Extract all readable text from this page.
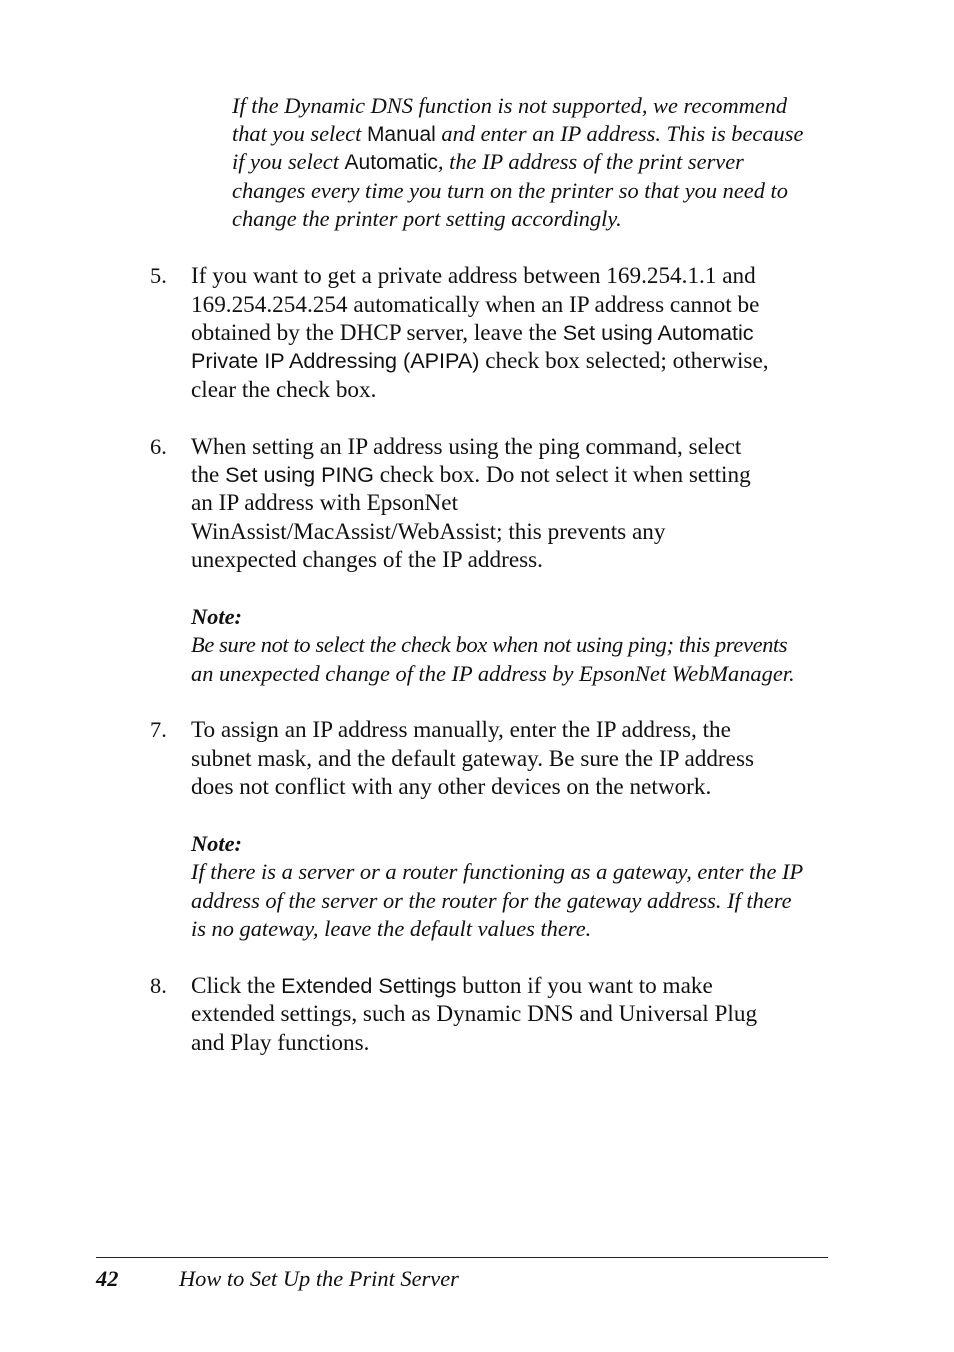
If the Dynamic DNS function is not supported, we recommend
that you select Manual and enter an IP address. This is because
if you select Automatic, the IP address of the print server
changes every time you turn on the printer so that you need to
change the printer port setting accordingly.
5. If you want to get a private address between 169.254.1.1 and
169.254.254.254 automatically when an IP address cannot be
obtained by the DHCP server, leave the Set using Automatic
Private IP Addressing (APIPA) check box selected; otherwise,
clear the check box.
6. When setting an IP address using the ping command, select
the Set using PING check box. Do not select it when setting
an IP address with EpsonNet
WinAssist/MacAssist/WebAssist; this prevents any
unexpected changes of the IP address.
Note:
Be sure not to select the check box when not using ping; this prevents
an unexpected change of the IP address by EpsonNet WebManager.
7. To assign an IP address manually, enter the IP address, the
subnet mask, and the default gateway. Be sure the IP address
does not conflict with any other devices on the network.
Note:
If there is a server or a router functioning as a gateway, enter the IP
address of the server or the router for the gateway address. If there
is no gateway, leave the default values there.
8. Click the Extended Settings button if you want to make
extended settings, such as Dynamic DNS and Universal Plug
and Play functions.
42	How to Set Up the Print Server
